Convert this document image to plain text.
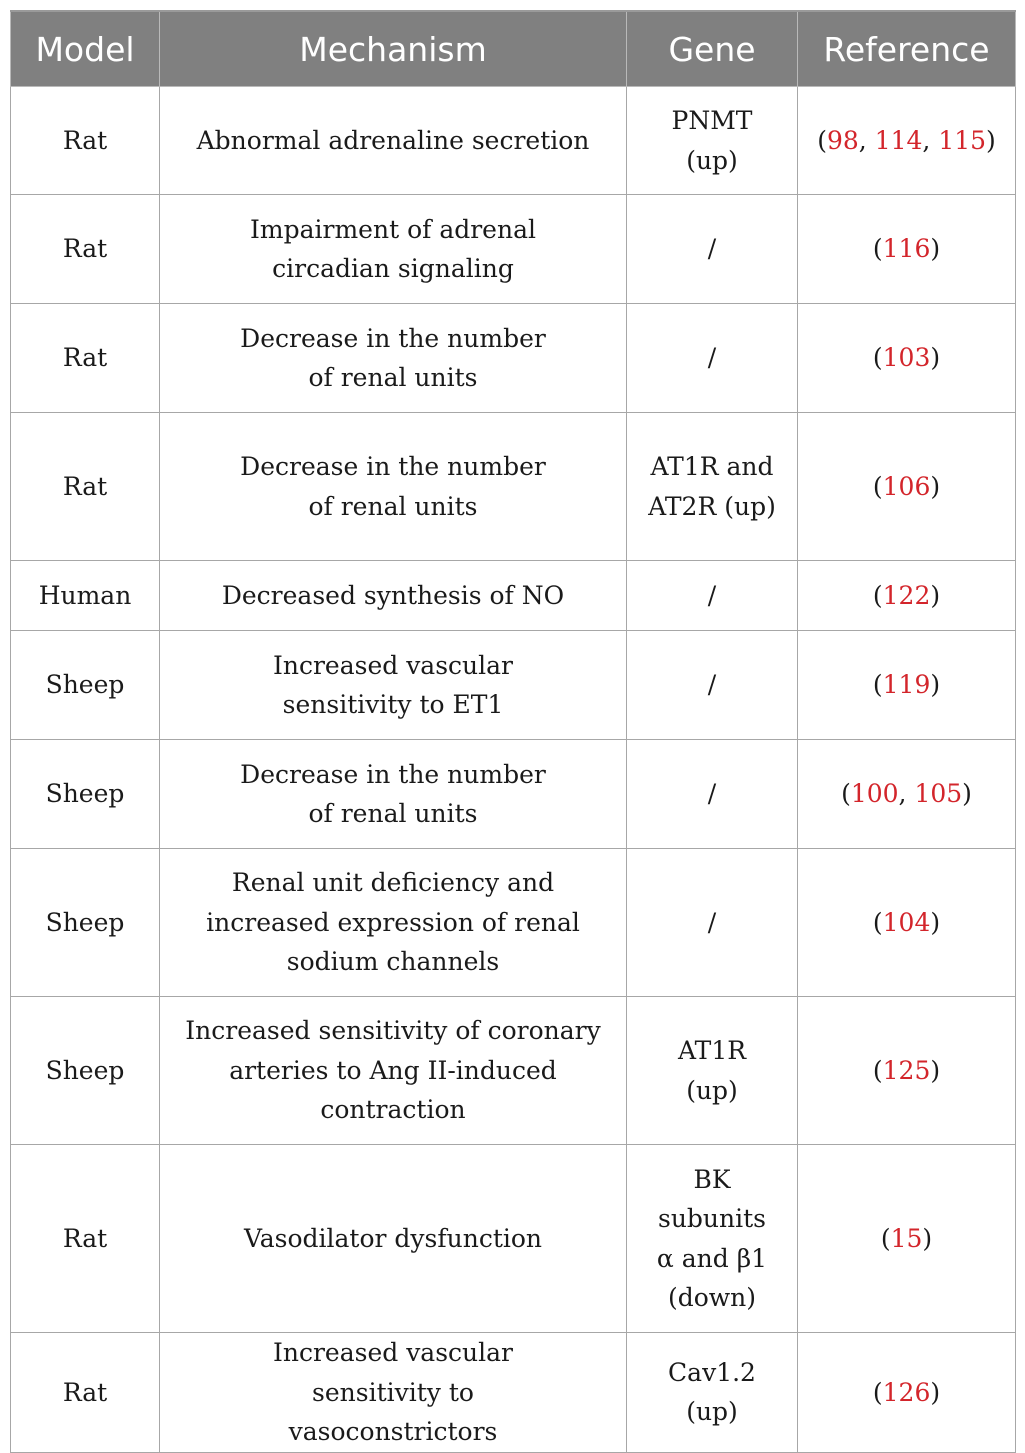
Model	Mechanism	Gene	Reference
Rat	Abnormal adrenaline secretion	PNMT (up)	(98, 114, 115)
Rat	Impairment of adrenal circadian signaling	/	(116)
Rat	Decrease in the number of renal units	/	(103)
Rat	Decrease in the number of renal units	AT1R and AT2R (up)	(106)
Human	Decreased synthesis of NO	/	(122)
Sheep	Increased vascular sensitivity to ET1	/	(119)
Sheep	Decrease in the number of renal units	/	(100, 105)
Sheep	Renal unit deficiency and increased expression of renal sodium channels	/	(104)
Sheep	Increased sensitivity of coronary arteries to Ang II-induced contraction	AT1R (up)	(125)
Rat	Vasodilator dysfunction	BK subunits α and β1 (down)	(15)
Rat	Increased vascular sensitivity to vasoconstrictors	Cav1.2 (up)	(126)
